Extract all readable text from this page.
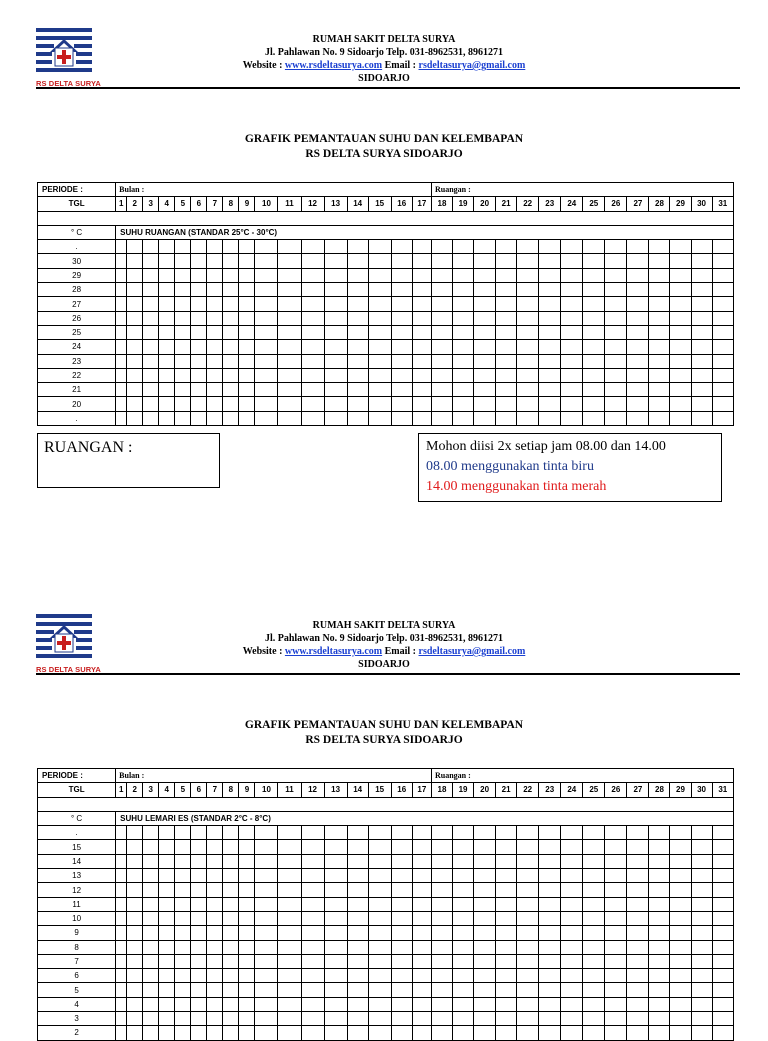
RS DELTA SURYA
RUMAH SAKIT DELTA SURYA
Jl. Pahlawan No. 9 Sidoarjo Telp. 031-8962531, 8961271
Website : www.rsdeltasurya.com Email : rsdeltasurya@gmail.com
SIDOARJO
GRAFIK PEMANTAUAN SUHU DAN KELEMBAPAN
RS DELTA SURYA SIDOARJO
PERIODE :	Bulan :																	Ruangan :													
TGL	1	2	3	4	5	6	7	8	9	10	11	12	13	14	15	16	17	18	19	20	21	22	23	24	25	26	27	28	29	30	31

° C	SUHU RUANGAN (STANDAR 25°C - 30°C)																														
.																															
30																															
29																															
28																															
27																															
26																															
25																															
24																															
23																															
22																															
21																															
20																															
.																															
RUANGAN :	Mohon diisi 2x setiap jam 08.00 dan 14.00
08.00 menggunakan tinta biru
14.00 menggunakan tinta merah
RS DELTA SURYA
RUMAH SAKIT DELTA SURYA
Jl. Pahlawan No. 9 Sidoarjo Telp. 031-8962531, 8961271
Website : www.rsdeltasurya.com Email : rsdeltasurya@gmail.com
SIDOARJO
GRAFIK PEMANTAUAN SUHU DAN KELEMBAPAN
RS DELTA SURYA SIDOARJO
PERIODE :	Bulan :																	Ruangan :													
TGL	1	2	3	4	5	6	7	8	9	10	11	12	13	14	15	16	17	18	19	20	21	22	23	24	25	26	27	28	29	30	31

° C	SUHU LEMARI ES (STANDAR 2°C - 8°C)																														
.																															
15																															
14																															
13																															
12																															
11																															
10																															
9																															
8																															
7																															
6																															
5																															
4																															
3																															
2																															
